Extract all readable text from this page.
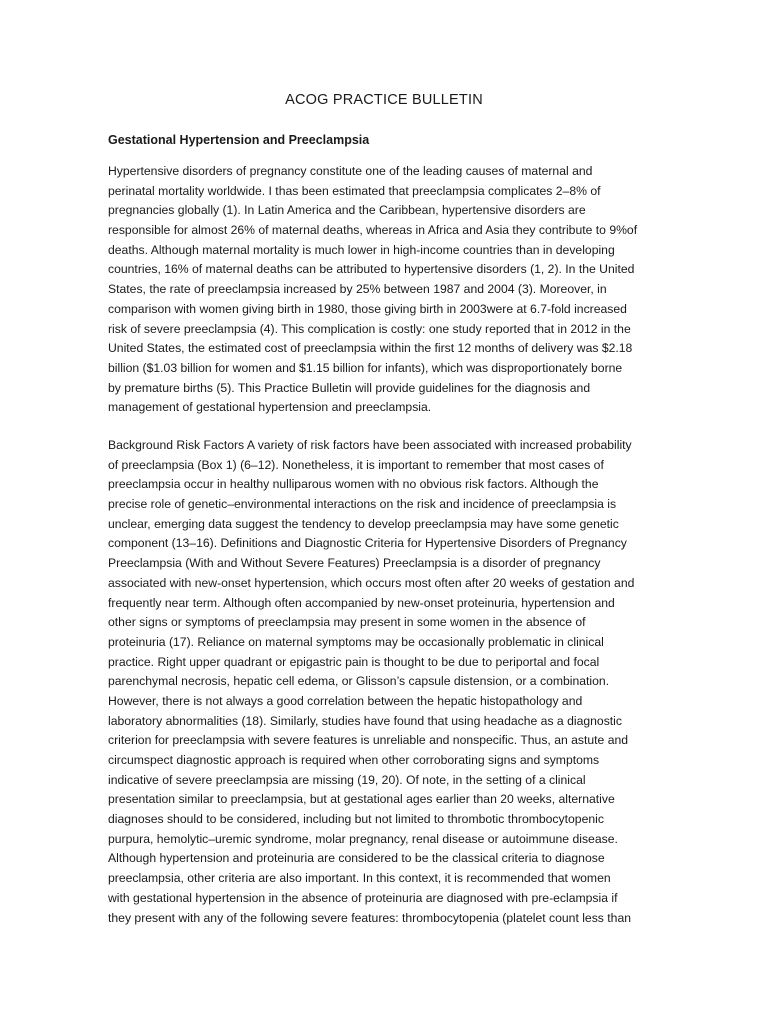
ACOG PRACTICE BULLETIN
Gestational Hypertension and Preeclampsia
Hypertensive disorders of pregnancy constitute one of the leading causes of maternal and
perinatal mortality worldwide. I thas been estimated that preeclampsia complicates 2–8% of
pregnancies globally (1). In Latin America and the Caribbean, hypertensive disorders are
responsible for almost 26% of maternal deaths, whereas in Africa and Asia they contribute to 9%of
deaths. Although maternal mortality is much lower in high-income countries than in developing
countries, 16% of maternal deaths can be attributed to hypertensive disorders (1, 2). In the United
States, the rate of preeclampsia increased by 25% between 1987 and 2004 (3). Moreover, in
comparison with women giving birth in 1980, those giving birth in 2003were at 6.7-fold increased
risk of severe preeclampsia (4). This complication is costly: one study reported that in 2012 in the
United States, the estimated cost of preeclampsia within the first 12 months of delivery was $2.18
billion ($1.03 billion for women and $1.15 billion for infants), which was disproportionately borne
by premature births (5). This Practice Bulletin will provide guidelines for the diagnosis and
management of gestational hypertension and preeclampsia.
Background Risk Factors A variety of risk factors have been associated with increased probability
of preeclampsia (Box 1) (6–12). Nonetheless, it is important to remember that most cases of
preeclampsia occur in healthy nulliparous women with no obvious risk factors. Although the
precise role of genetic–environmental interactions on the risk and incidence of preeclampsia is
unclear, emerging data suggest the tendency to develop preeclampsia may have some genetic
component (13–16). Definitions and Diagnostic Criteria for Hypertensive Disorders of Pregnancy
Preeclampsia (With and Without Severe Features) Preeclampsia is a disorder of pregnancy
associated with new-onset hypertension, which occurs most often after 20 weeks of gestation and
frequently near term. Although often accompanied by new-onset proteinuria, hypertension and
other signs or symptoms of preeclampsia may present in some women in the absence of
proteinuria (17). Reliance on maternal symptoms may be occasionally problematic in clinical
practice. Right upper quadrant or epigastric pain is thought to be due to periportal and focal
parenchymal necrosis, hepatic cell edema, or Glisson’s capsule distension, or a combination.
However, there is not always a good correlation between the hepatic histopathology and
laboratory abnormalities (18). Similarly, studies have found that using headache as a diagnostic
criterion for preeclampsia with severe features is unreliable and nonspecific. Thus, an astute and
circumspect diagnostic approach is required when other corroborating signs and symptoms
indicative of severe preeclampsia are missing (19, 20). Of note, in the setting of a clinical
presentation similar to preeclampsia, but at gestational ages earlier than 20 weeks, alternative
diagnoses should to be considered, including but not limited to thrombotic thrombocytopenic
purpura, hemolytic–uremic syndrome, molar pregnancy, renal disease or autoimmune disease.
Although hypertension and proteinuria are considered to be the classical criteria to diagnose
preeclampsia, other criteria are also important. In this context, it is recommended that women
with gestational hypertension in the absence of proteinuria are diagnosed with pre-eclampsia if
they present with any of the following severe features: thrombocytopenia (platelet count less than
